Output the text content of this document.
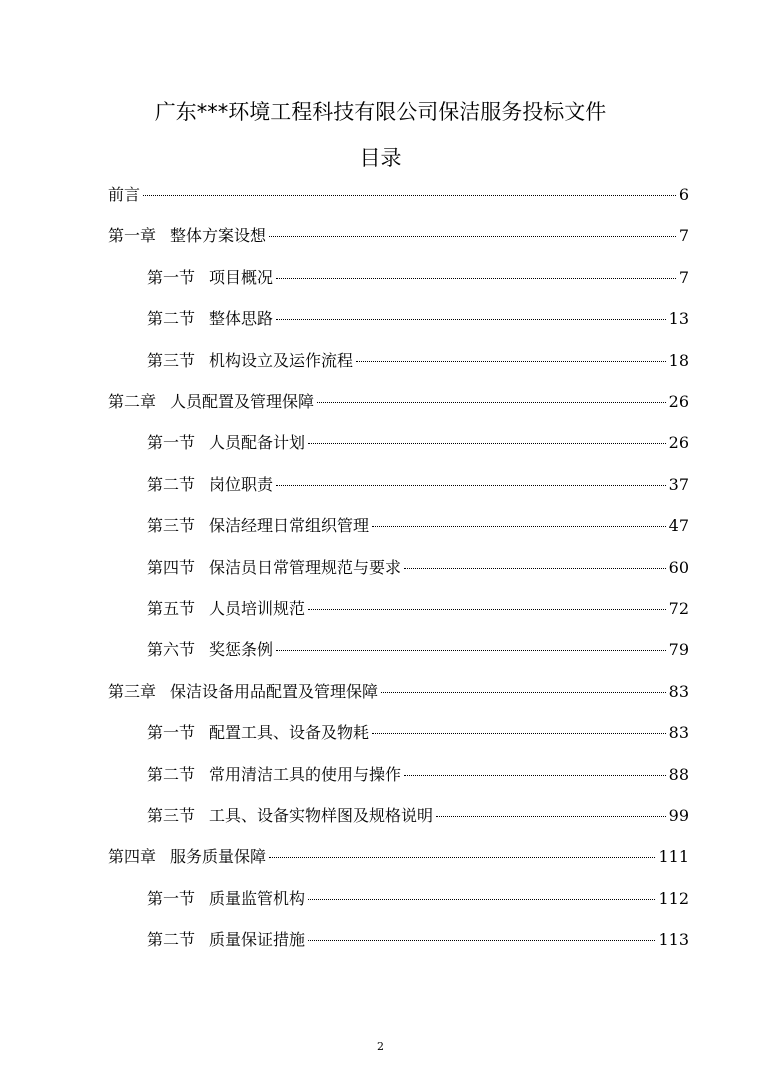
广东***环境工程科技有限公司保洁服务投标文件
目录
前言	6
第一章 整体方案设想	7
第一节 项目概况	7
第二节 整体思路	13
第三节 机构设立及运作流程	18
第二章 人员配置及管理保障	26
第一节 人员配备计划	26
第二节 岗位职责	37
第三节 保洁经理日常组织管理	47
第四节 保洁员日常管理规范与要求	60
第五节 人员培训规范	72
第六节 奖惩条例	79
第三章 保洁设备用品配置及管理保障	83
第一节 配置工具、设备及物耗	83
第二节 常用清洁工具的使用与操作	88
第三节 工具、设备实物样图及规格说明	99
第四章 服务质量保障	111
第一节 质量监管机构	112
第二节 质量保证措施	113
2
